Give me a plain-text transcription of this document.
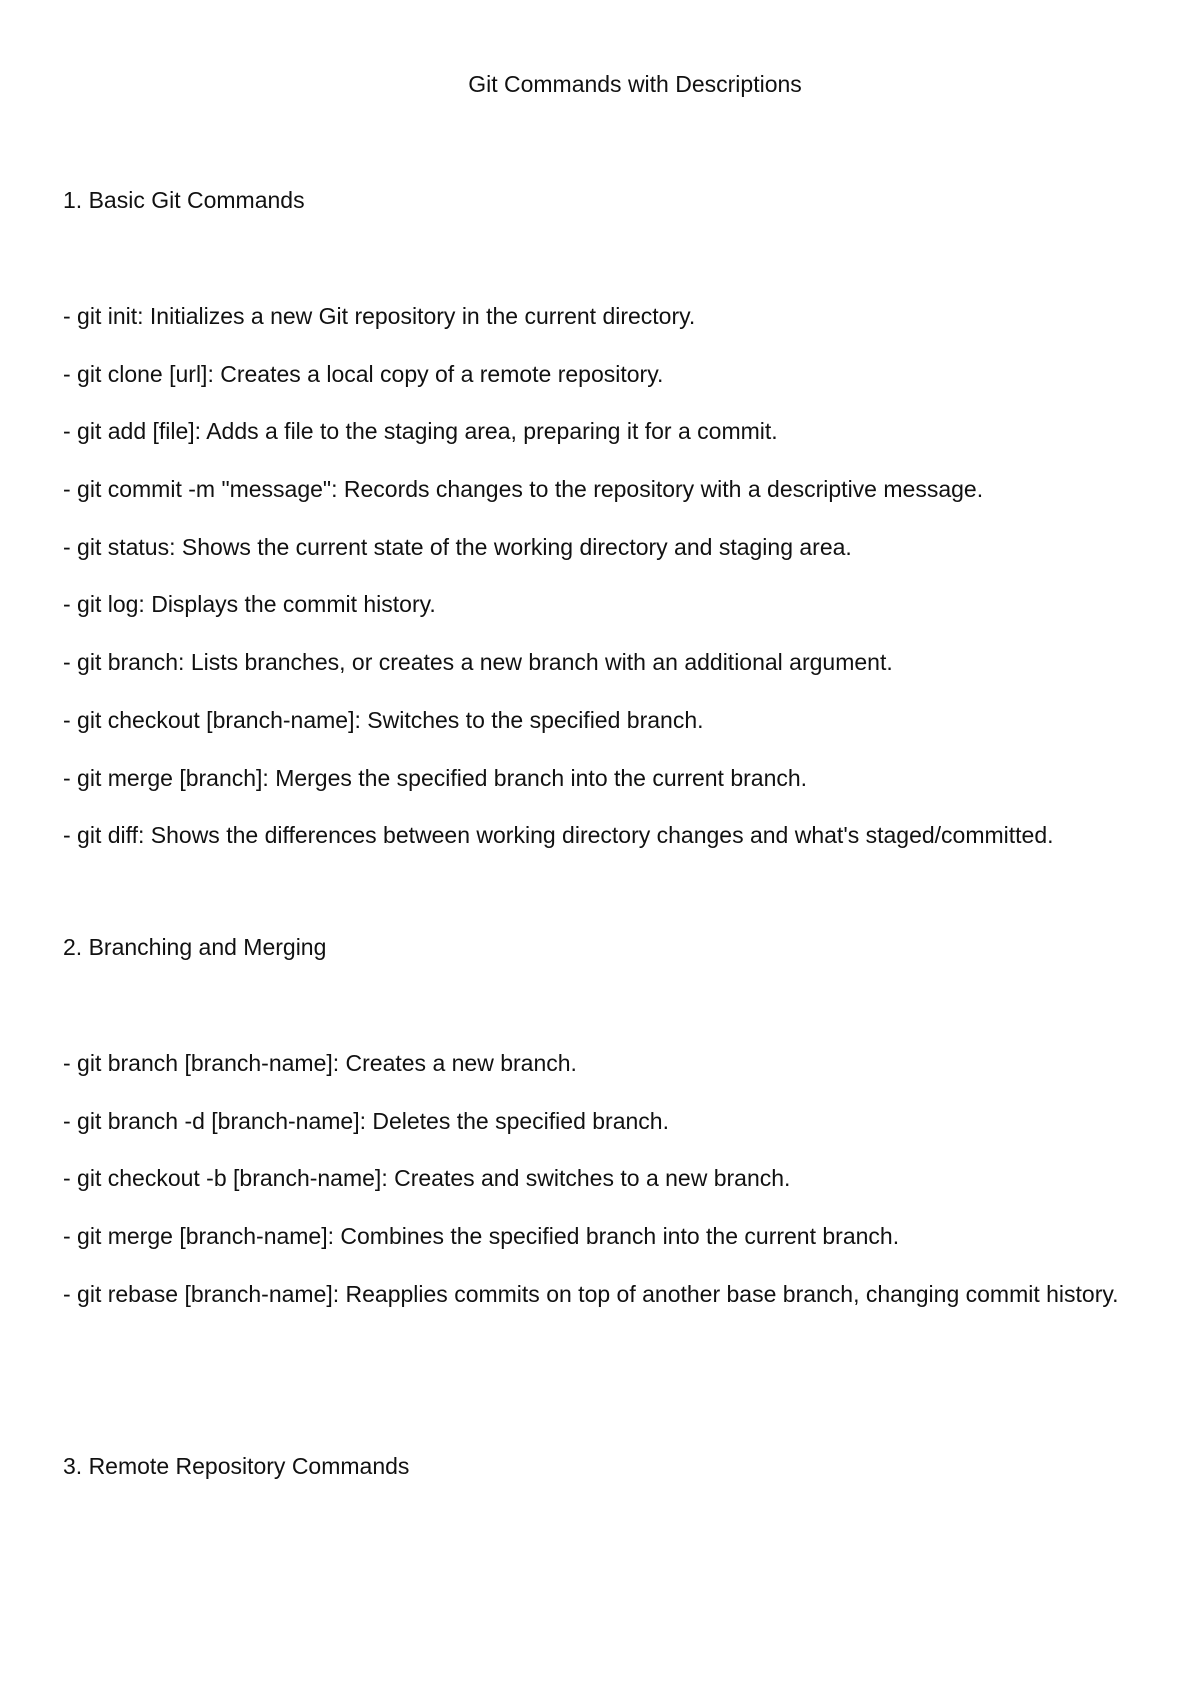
Git Commands with Descriptions
1. Basic Git Commands
- git init: Initializes a new Git repository in the current directory.
- git clone [url]: Creates a local copy of a remote repository.
- git add [file]: Adds a file to the staging area, preparing it for a commit.
- git commit -m "message": Records changes to the repository with a descriptive message.
- git status: Shows the current state of the working directory and staging area.
- git log: Displays the commit history.
- git branch: Lists branches, or creates a new branch with an additional argument.
- git checkout [branch-name]: Switches to the specified branch.
- git merge [branch]: Merges the specified branch into the current branch.
- git diff: Shows the differences between working directory changes and what's staged/committed.
2. Branching and Merging
- git branch [branch-name]: Creates a new branch.
- git branch -d [branch-name]: Deletes the specified branch.
- git checkout -b [branch-name]: Creates and switches to a new branch.
- git merge [branch-name]: Combines the specified branch into the current branch.
- git rebase [branch-name]: Reapplies commits on top of another base branch, changing commit history.
3. Remote Repository Commands
